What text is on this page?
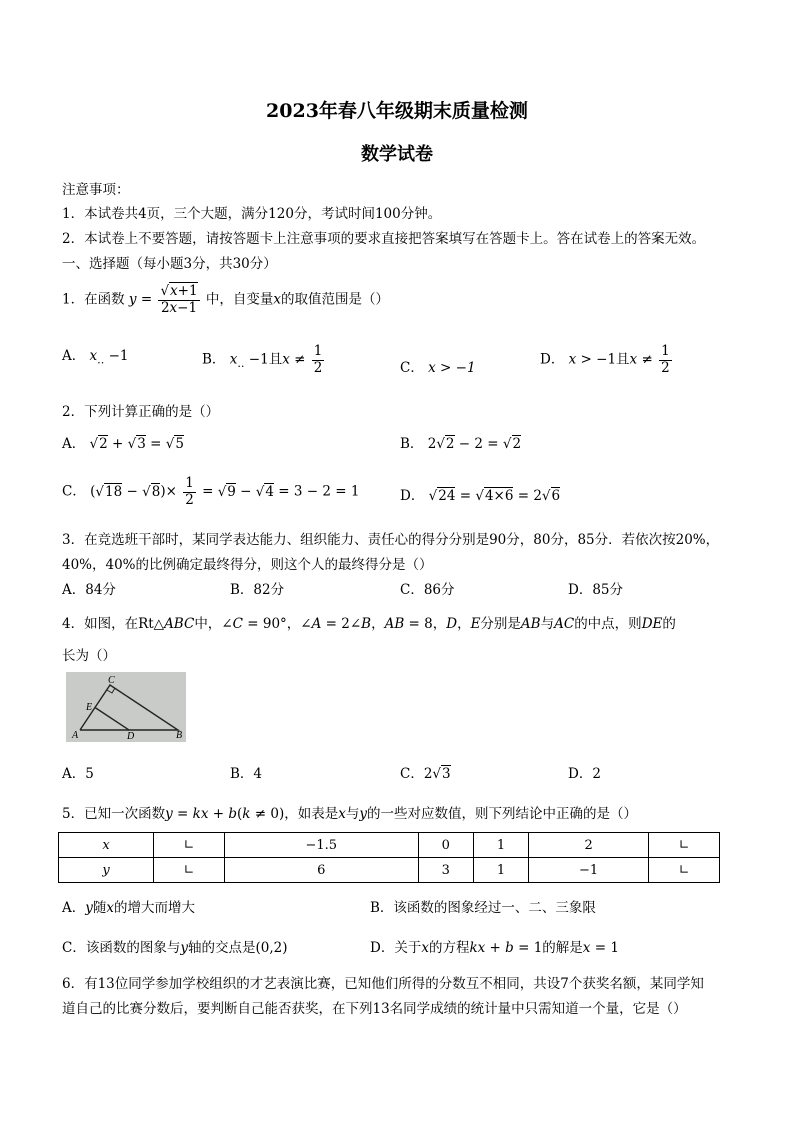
2023年春八年级期末质量检测
数学试卷
注意事项：
1．本试卷共4页，三个大题，满分120分，考试时间100分钟。
2．本试卷上不要答题，请按答题卡上注意事项的要求直接把答案填写在答题卡上。答在试卷上的答案无效。
一、选择题（每小题3分，共30分）
1．在函数 y = √ $\frac{x+1}{2x-1}$ 中，自变量x的取值范围是（）
A． $x_{..} -1$	B． $x_{..} -1$且$x \ne \frac{1}{2}$	C． x > −1
D． x > −1且$x \ne \frac{1}{2}$
2．下列计算正确的是（）
A． √ 2 + √ 3 = √ 5	B． 2 √ 2 − 2 = √ 2
C． ( √ 18 − √ $8)\times \frac{1}{2}$ = √ 9 − √ 4 = 3 − 2 = 1	D． √ 24 = √ 4×6 = 2 √ 6
3．在竞选班干部时，某同学表达能力、组织能力、责任心的得分分别是90分，80分，85分．若依次按20%，
40%，40%的比例确定最终得分，则这个人的最终得分是（）
A．84分	B．82分	C．86分	D．85分
4．如图，在Rt△ABC中，∠C = 90°，∠A = 2∠B，AB = 8，D，E分别是AB与AC的中点，则DE的
长为（）
C
E
A	D	B
A．5	B．4	C．2 √ 3	D．2
5．已知一次函数y = kx + b(k ≠ 0)，如表是x与y的一些对应数值，则下列结论中正确的是（）
x	∟	−1.5	0	1	2	∟
y	∟	6	3	1	−1	∟
A．y随x的增大而增大	B．该函数的图象经过一、二、三象限
C．该函数的图象与y轴的交点是(0,2)	D．关于x的方程kx + b = 1的解是x = 1
6．有13位同学参加学校组织的才艺表演比赛，已知他们所得的分数互不相同，共设7个获奖名额，某同学知
道自己的比赛分数后，要判断自己能否获奖，在下列13名同学成绩的统计量中只需知道一个量，它是（）
